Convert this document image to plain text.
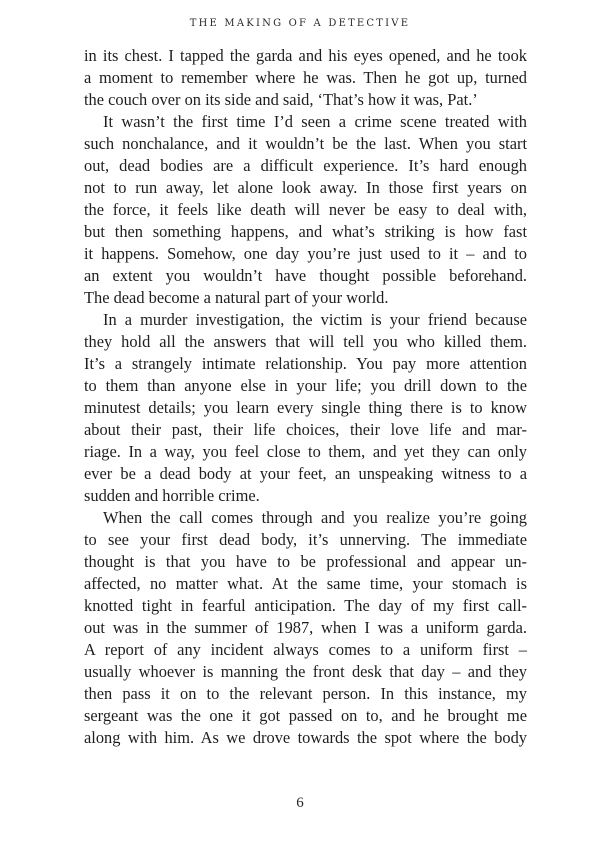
THE MAKING OF A DETECTIVE

in its chest. I tapped the garda and his eyes opened, and he took
a moment to remember where he was. Then he got up, turned
the couch over on its side and said, ‘That’s how it was, Pat.’

It wasn’t the first time I’d seen a crime scene treated with
such nonchalance, and it wouldn’t be the last. When you start
out, dead bodies are a difficult experience. It’s hard enough
not to run away, let alone look away. In those first years on
the force, it feels like death will never be easy to deal with,
but then something happens, and what’s striking is how fast
it happens. Somehow, one day you’re just used to it – and to
an extent you wouldn’t have thought possible beforehand.
The dead become a natural part of your world.

In a murder investigation, the victim is your friend because
they hold all the answers that will tell you who killed them.
It’s a strangely intimate relationship. You pay more attention
to them than anyone else in your life; you drill down to the
minutest details; you learn every single thing there is to know
about their past, their life choices, their love life and mar-
riage. In a way, you feel close to them, and yet they can only
ever be a dead body at your feet, an unspeaking witness to a
sudden and horrible crime.

When the call comes through and you realize you’re going
to see your first dead body, it’s unnerving. The immediate
thought is that you have to be professional and appear un-
affected, no matter what. At the same time, your stomach is
knotted tight in fearful anticipation. The day of my first call-
out was in the summer of 1987, when I was a uniform garda.
A report of any incident always comes to a uniform first –
usually whoever is manning the front desk that day – and they
then pass it on to the relevant person. In this instance, my
sergeant was the one it got passed on to, and he brought me
along with him. As we drove towards the spot where the body

6
